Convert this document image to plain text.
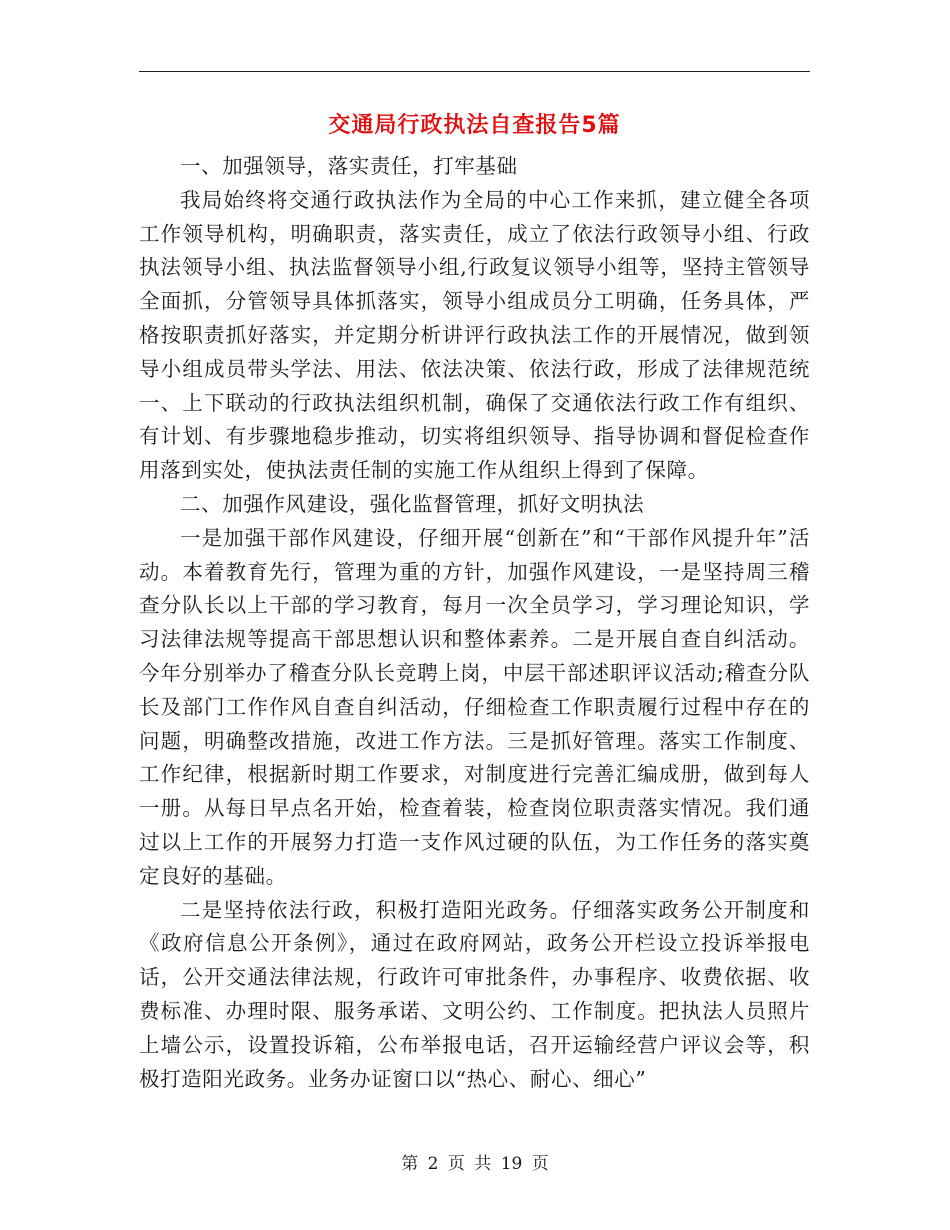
交通局行政执法自查报告5篇

一、加强领导，落实责任，打牢基础

我局始终将交通行政执法作为全局的中心工作来抓，建立健全各项工作领导机构，明确职责，落实责任，成立了依法行政领导小组、行政执法领导小组、执法监督领导小组,行政复议领导小组等，坚持主管领导全面抓，分管领导具体抓落实，领导小组成员分工明确，任务具体，严格按职责抓好落实，并定期分析讲评行政执法工作的开展情况，做到领导小组成员带头学法、用法、依法决策、依法行政，形成了法律规范统一、上下联动的行政执法组织机制，确保了交通依法行政工作有组织、有计划、有步骤地稳步推动，切实将组织领导、指导协调和督促检查作用落到实处，使执法责任制的实施工作从组织上得到了保障。

二、加强作风建设，强化监督管理，抓好文明执法

一是加强干部作风建设，仔细开展“创新在”和“干部作风提升年”活动。本着教育先行，管理为重的方针，加强作风建设，一是坚持周三稽查分队长以上干部的学习教育，每月一次全员学习，学习理论知识，学习法律法规等提高干部思想认识和整体素养。二是开展自查自纠活动。今年分别举办了稽查分队长竞聘上岗，中层干部述职评议活动;稽查分队长及部门工作作风自查自纠活动，仔细检查工作职责履行过程中存在的问题，明确整改措施，改进工作方法。三是抓好管理。落实工作制度、工作纪律，根据新时期工作要求，对制度进行完善汇编成册，做到每人一册。从每日早点名开始，检查着装，检查岗位职责落实情况。我们通过以上工作的开展努力打造一支作风过硬的队伍，为工作任务的落实奠定良好的基础。

二是坚持依法行政，积极打造阳光政务。仔细落实政务公开制度和《政府信息公开条例》，通过在政府网站，政务公开栏设立投诉举报电话，公开交通法律法规，行政许可审批条件，办事程序、收费依据、收费标准、办理时限、服务承诺、文明公约、工作制度。把执法人员照片上墙公示，设置投诉箱，公布举报电话，召开运输经营户评议会等，积极打造阳光政务。业务办证窗口以“热心、耐心、细心”

第 2 页 共 19 页
